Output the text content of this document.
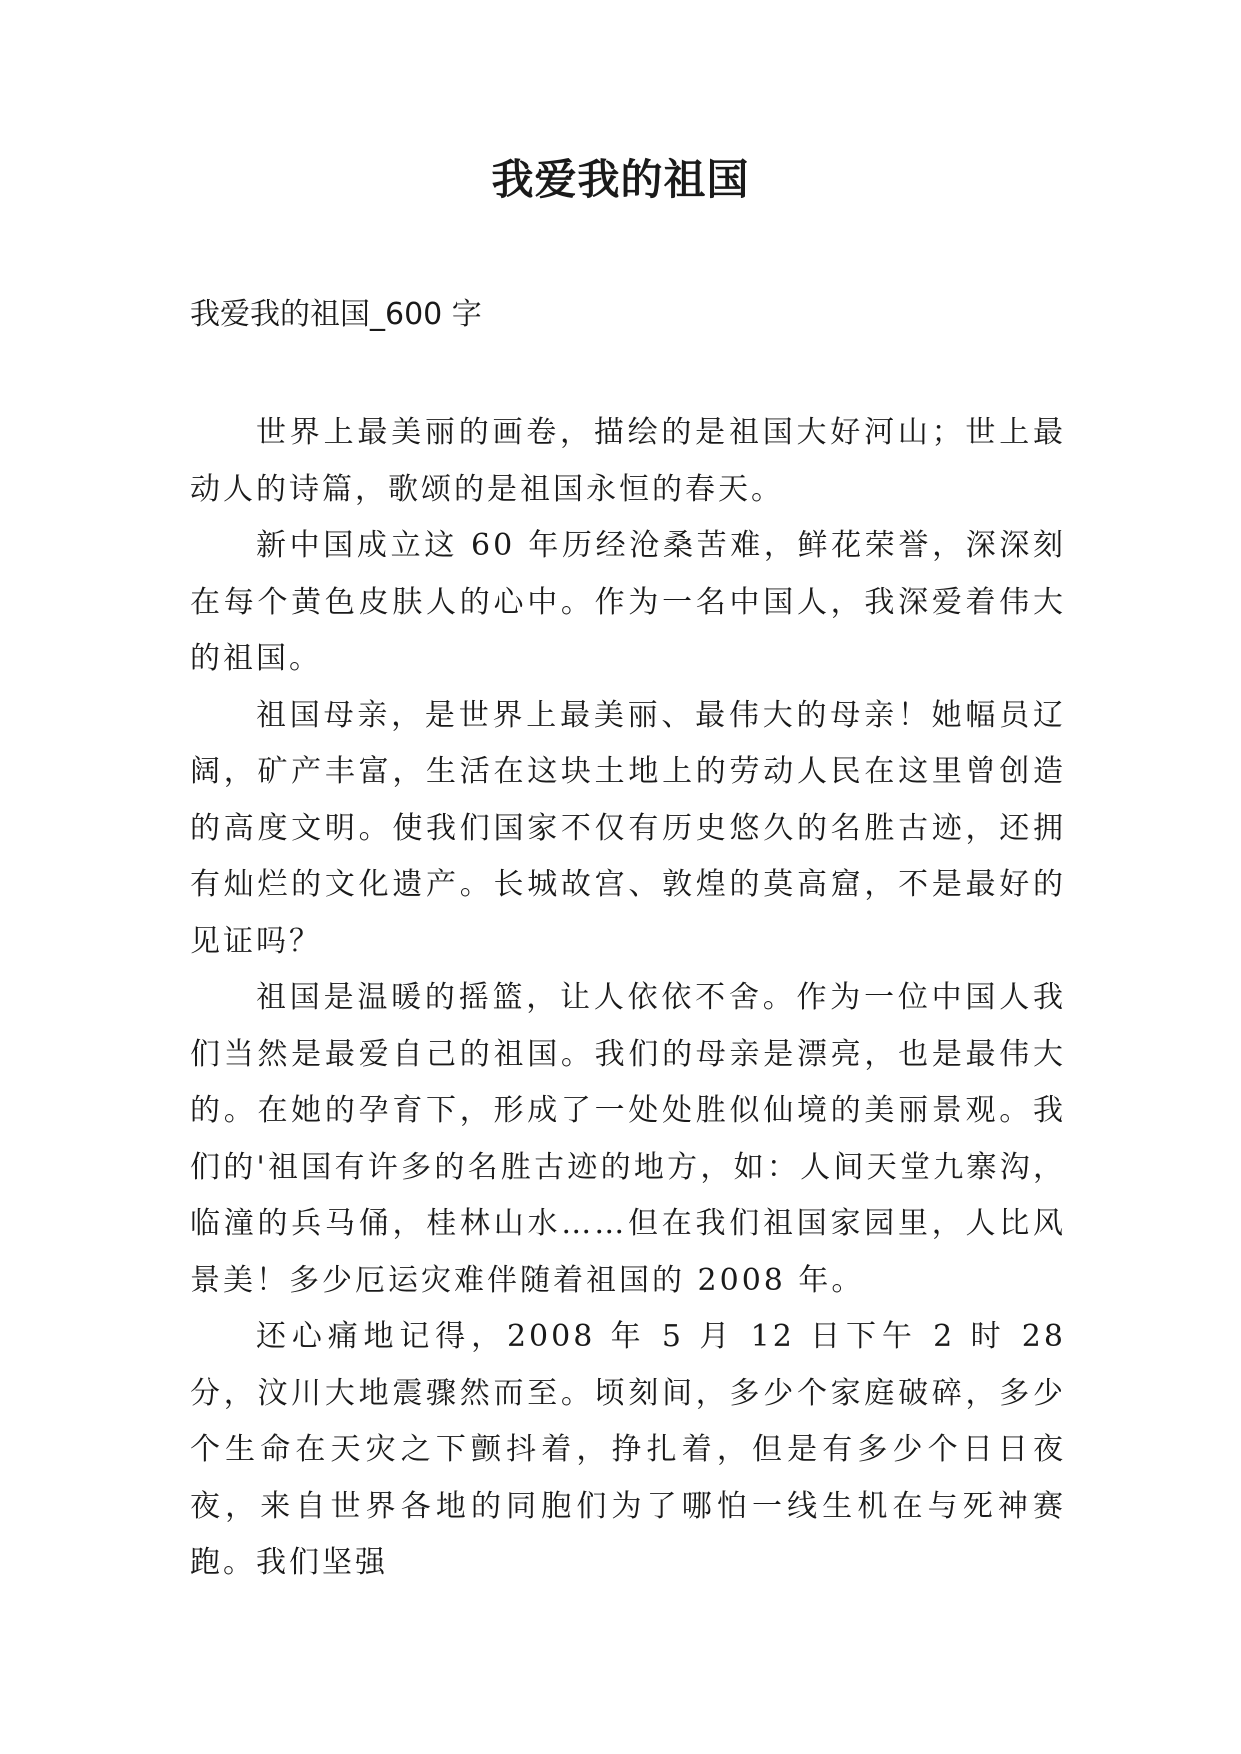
我爱我的祖国

我爱我的祖国_600 字

世界上最美丽的画卷，描绘的是祖国大好河山；世上最动人的诗篇，歌颂的是祖国永恒的春天。

新中国成立这 60 年历经沧桑苦难，鲜花荣誉，深深刻在每个黄色皮肤人的心中。作为一名中国人，我深爱着伟大的祖国。

祖国母亲，是世界上最美丽、最伟大的母亲！她幅员辽阔，矿产丰富，生活在这块土地上的劳动人民在这里曾创造的高度文明。使我们国家不仅有历史悠久的名胜古迹，还拥有灿烂的文化遗产。长城故宫、敦煌的莫高窟，不是最好的见证吗？

祖国是温暖的摇篮，让人依依不舍。作为一位中国人我们当然是最爱自己的祖国。我们的母亲是漂亮，也是最伟大的。在她的孕育下，形成了一处处胜似仙境的美丽景观。我们的'祖国有许多的名胜古迹的地方，如：人间天堂九寨沟，临潼的兵马俑，桂林山水……但在我们祖国家园里，人比风景美！多少厄运灾难伴随着祖国的 2008 年。

还心痛地记得，2008 年 5 月 12 日下午 2 时 28 分，汶川大地震骤然而至。顷刻间，多少个家庭破碎，多少个生命在天灾之下颤抖着，挣扎着，但是有多少个日日夜夜，来自世界各地的同胞们为了哪怕一线生机在与死神赛跑。我们坚强
